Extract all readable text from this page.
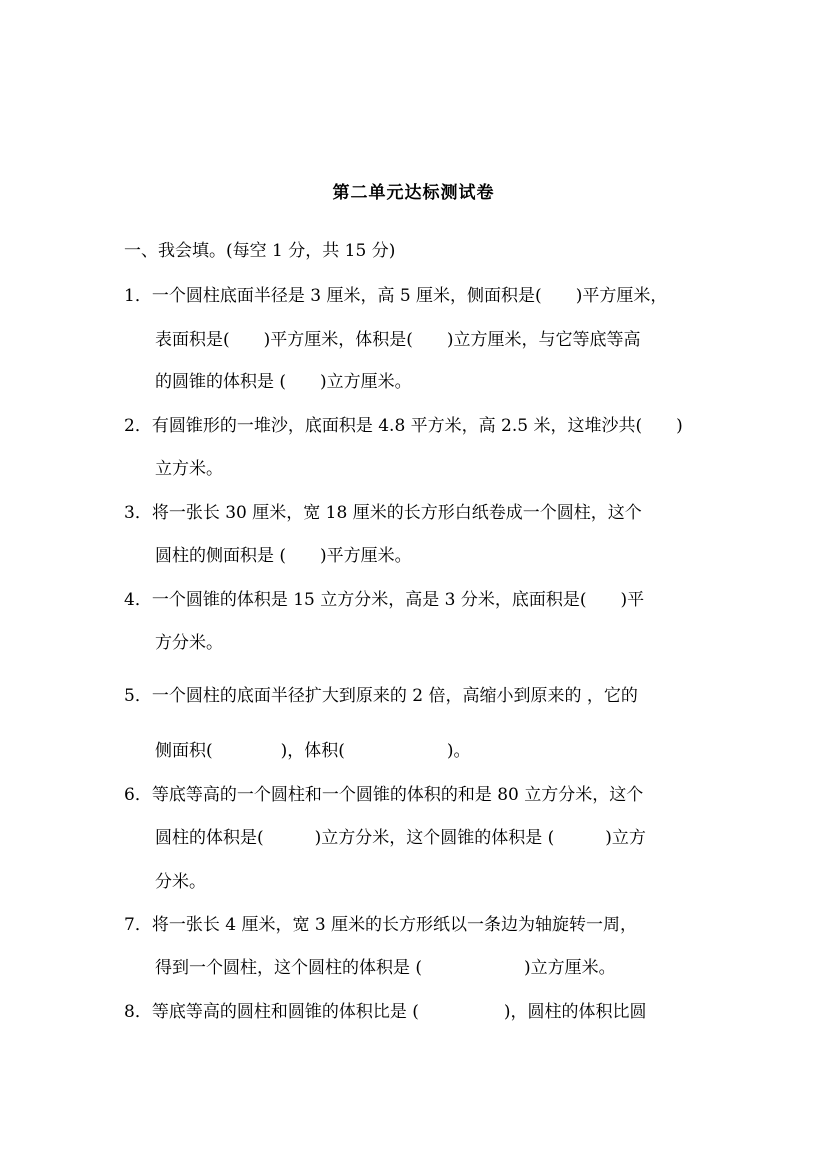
第二单元达标测试卷
一、我会填。(每空 1 分，共 15 分)
1．一个圆柱底面半径是 3 厘米，高 5 厘米，侧面积是(　　)平方厘米，
表面积是(　　)平方厘米，体积是(　　)立方厘米，与它等底等高
的圆锥的体积是 (　　)立方厘米。
2．有圆锥形的一堆沙，底面积是 4.8 平方米，高 2.5 米，这堆沙共(　　)
立方米。
3．将一张长 30 厘米，宽 18 厘米的长方形白纸卷成一个圆柱，这个
圆柱的侧面积是 (　　)平方厘米。
4．一个圆锥的体积是 15 立方分米，高是 3 分米，底面积是(　　)平
方分米。
5．一个圆柱的底面半径扩大到原来的 2 倍，高缩小到原来的 ，它的
侧面积(　　　　)，体积(　　　　　　)。
6．等底等高的一个圆柱和一个圆锥的体积的和是 80 立方分米，这个
圆柱的体积是(　　　)立方分米，这个圆锥的体积是 (　　　)立方
分米。
7．将一张长 4 厘米，宽 3 厘米的长方形纸以一条边为轴旋转一周，
得到一个圆柱，这个圆柱的体积是 (　　　　　　)立方厘米。
8．等底等高的圆柱和圆锥的体积比是 (　　　　　)，圆柱的体积比圆
